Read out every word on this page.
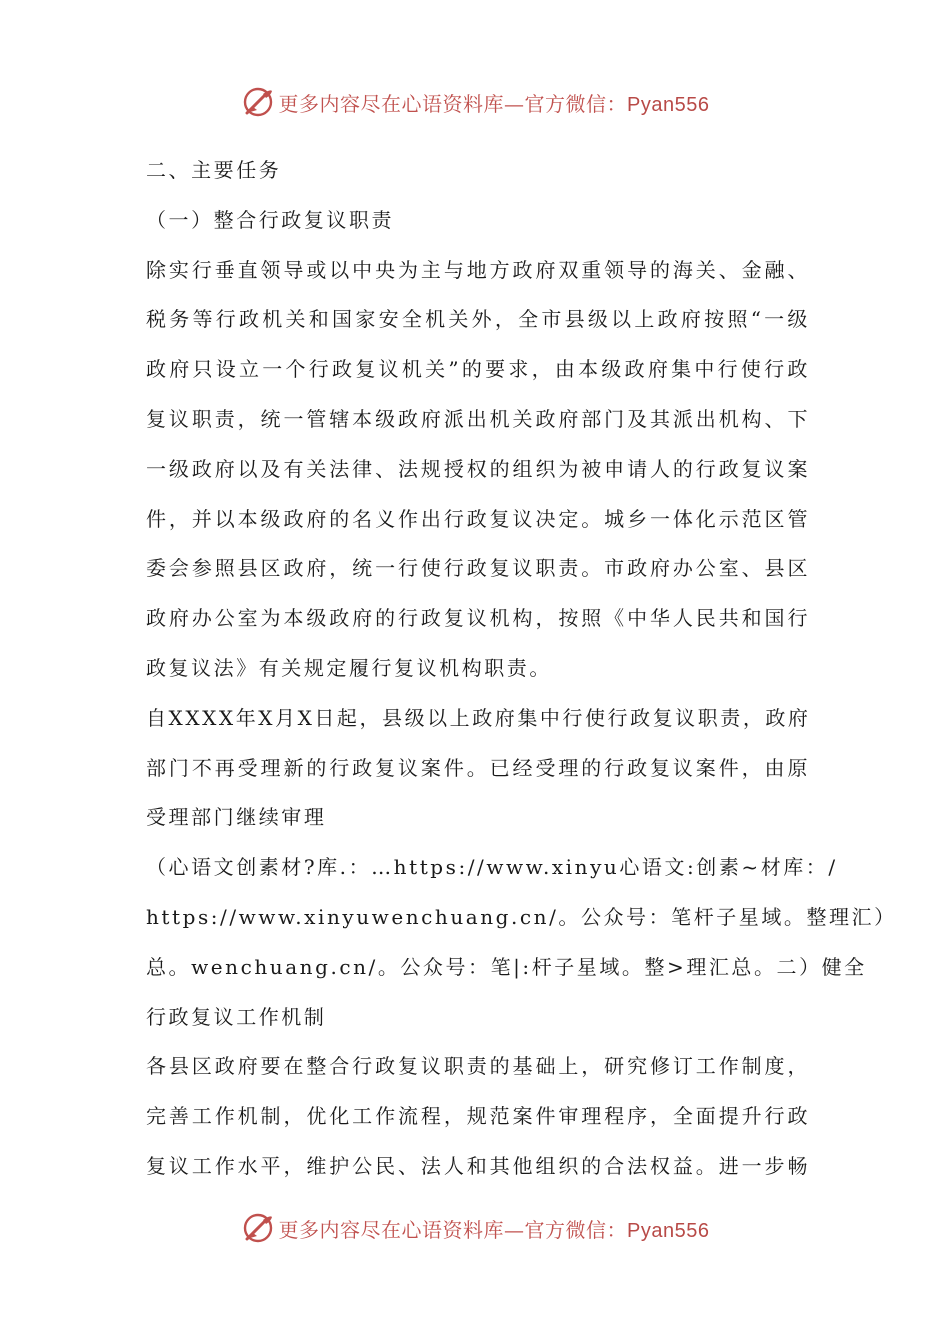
更多内容尽在心语资料库—官方微信：Pyan556
二、主要任务
（一）整合行政复议职责
除实行垂直领导或以中央为主与地方政府双重领导的海关、金融、
税务等行政机关和国家安全机关外，全市县级以上政府按照“一级
政府只设立一个行政复议机关”的要求，由本级政府集中行使行政
复议职责，统一管辖本级政府派出机关政府部门及其派出机构、下
一级政府以及有关法律、法规授权的组织为被申请人的行政复议案
件，并以本级政府的名义作出行政复议决定。城乡一体化示范区管
委会参照县区政府，统一行使行政复议职责。市政府办公室、县区
政府办公室为本级政府的行政复议机构，按照《中华人民共和国行
政复议法》有关规定履行复议机构职责。
自XXXX年X月X日起，县级以上政府集中行使行政复议职责，政府
部门不再受理新的行政复议案件。已经受理的行政复议案件，由原
受理部门继续审理
（心语文创素材?库.：…https://www.xinyu心语文:创素~材库：/
https://www.xinyuwenchuang.cn/。公众号：笔杆子星域。整理汇）
总。wenchuang.cn/。公众号：笔|:杆子星域。整>理汇总。二）健全
行政复议工作机制
各县区政府要在整合行政复议职责的基础上，研究修订工作制度，
完善工作机制，优化工作流程，规范案件审理程序，全面提升行政
复议工作水平，维护公民、法人和其他组织的合法权益。进一步畅
更多内容尽在心语资料库—官方微信：Pyan556
